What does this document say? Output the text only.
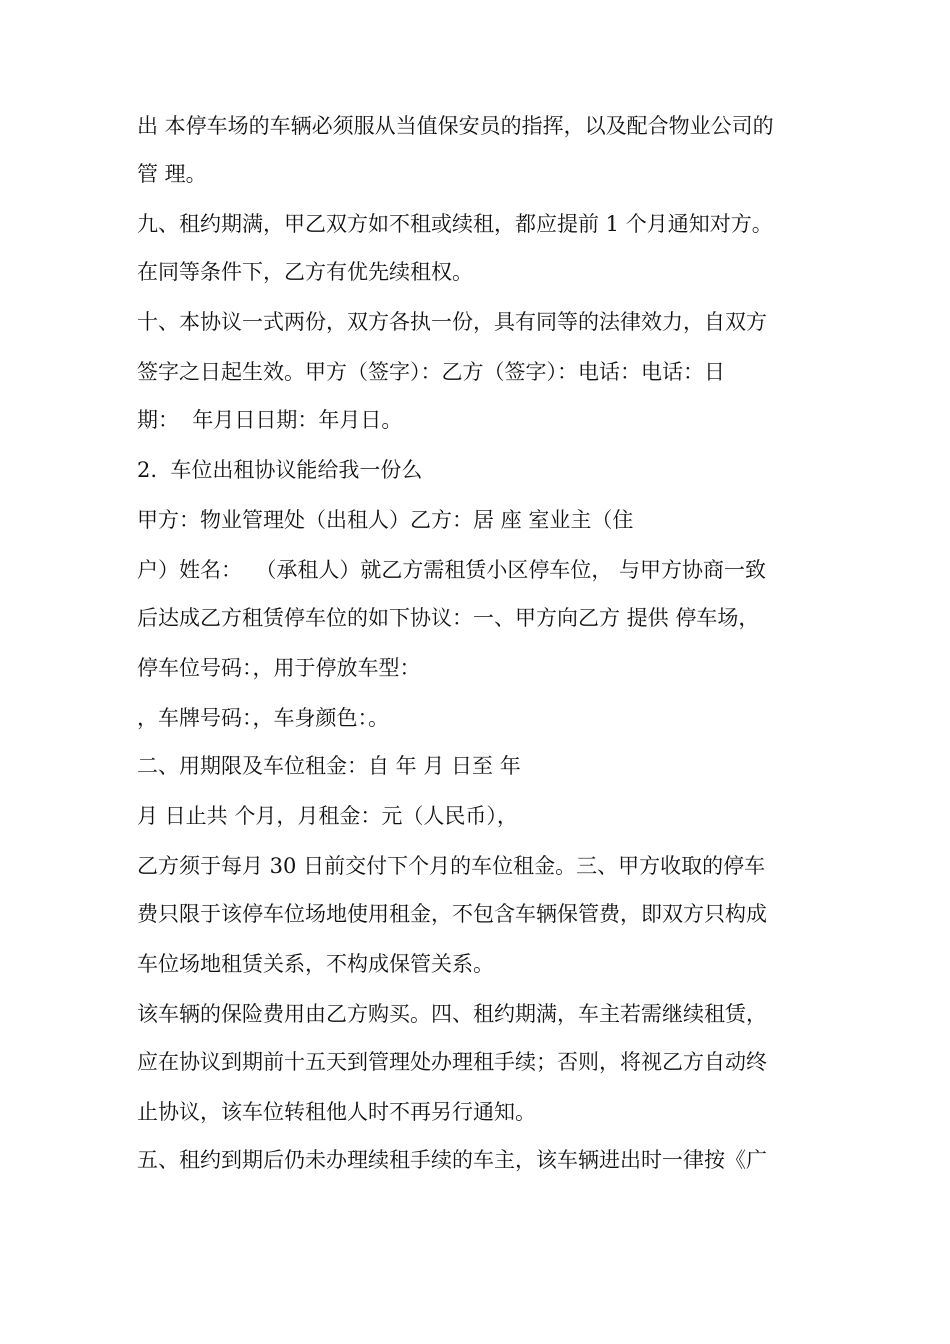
出 本停车场的车辆必须服从当值保安员的指挥，以及配合物业公司的

管 理。

九、租约期满，甲乙双方如不租或续租，都应提前 1 个月通知对方。

在同等条件下，乙方有优先续租权。

十、本协议一式两份，双方各执一份，具有同等的法律效力，自双方

签字之日起生效。甲方（签字）：乙方（签字）：电话：电话：日

期：  年月日日期：年月日。

2.  车位出租协议能给我一份么

甲方：物业管理处（出租人）乙方：居 座 室业主（住

户）姓名：  （承租人）就乙方需租赁小区停车位， 与甲方协商一致

后达成乙方租赁停车位的如下协议：一、甲方向乙方 提供 停车场，

停车位号码：，用于停放车型：

，车牌号码：，车身颜色：。

二、用期限及车位租金：自 年 月 日至 年

月 日止共 个月，月租金：元（人民币），

乙方须于每月 30 日前交付下个月的车位租金。三、甲方收取的停车

费只限于该停车位场地使用租金，不包含车辆保管费，即双方只构成

车位场地租赁关系，不构成保管关系。

该车辆的保险费用由乙方购买。四、租约期满，车主若需继续租赁，

应在协议到期前十五天到管理处办理租手续；否则，将视乙方自动终

止协议，该车位转租他人时不再另行通知。

五、租约到期后仍未办理续租手续的车主，该车辆进出时一律按《广
